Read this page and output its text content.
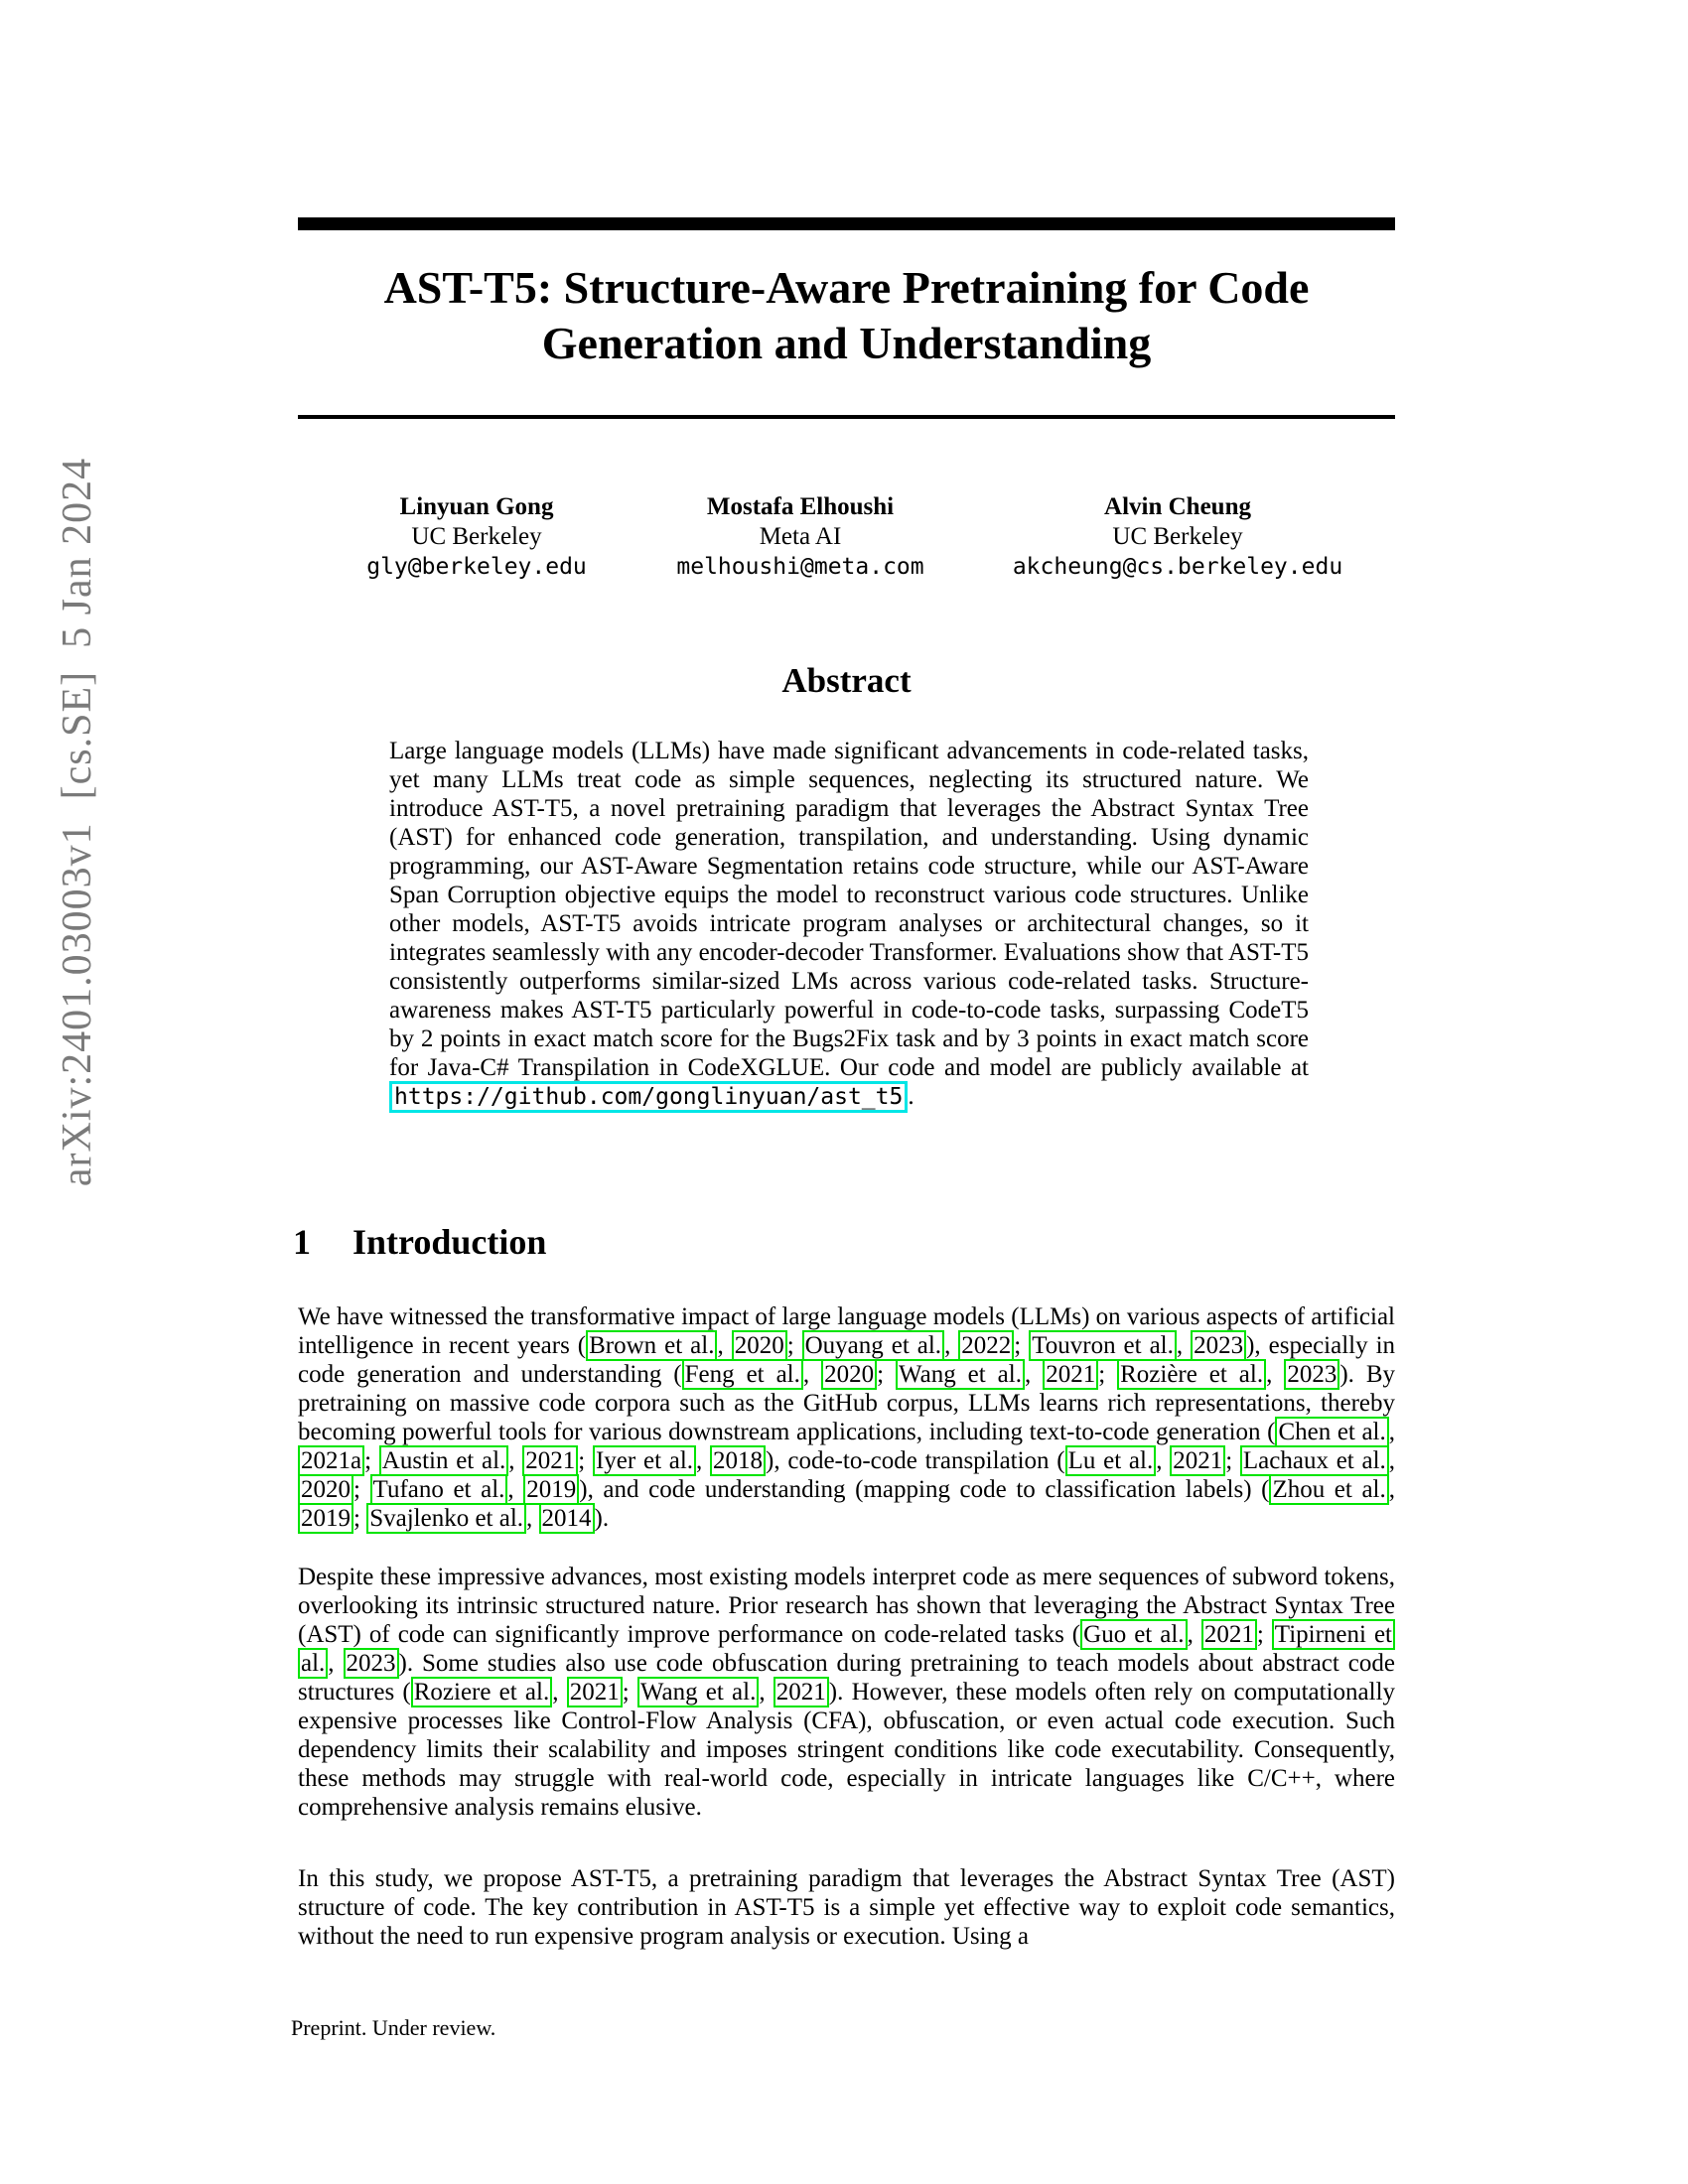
arXiv:2401.03003v1  [cs.SE]  5 Jan 2024
AST-T5: Structure-Aware Pretraining for Code
Generation and Understanding
Linyuan Gong
UC Berkeley
gly@berkeley.edu
Mostafa Elhoushi
Meta AI
melhoushi@meta.com
Alvin Cheung
UC Berkeley
akcheung@cs.berkeley.edu
Abstract
Large language models (LLMs) have made significant advancements in code-related tasks, yet many LLMs treat code as simple sequences, neglecting its structured nature. We introduce AST-T5, a novel pretraining paradigm that leverages the Abstract Syntax Tree (AST) for enhanced code generation, transpilation, and understanding. Using dynamic programming, our AST-Aware Segmentation retains code structure, while our AST-Aware Span Corruption objective equips the model to reconstruct various code structures. Unlike other models, AST-T5 avoids intricate program analyses or architectural changes, so it integrates seamlessly with any encoder-decoder Transformer. Evaluations show that AST-T5 consistently outperforms similar-sized LMs across various code-related tasks. Structure-awareness makes AST-T5 particularly powerful in code-to-code tasks, surpassing CodeT5 by 2 points in exact match score for the Bugs2Fix task and by 3 points in exact match score for Java-C# Transpilation in CodeXGLUE. Our code and model are publicly available at https://github.com/gonglinyuan/ast_t5 .
1 Introduction
We have witnessed the transformative impact of large language models (LLMs) on various aspects of artificial intelligence in recent years ( Brown et al. , 2020 ; Ouyang et al. , 2022 ; Touvron et al. , 2023 ), especially in code generation and understanding ( Feng et al. , 2020 ; Wang et al. , 2021 ; Rozière et al. , 2023 ). By pretraining on massive code corpora such as the GitHub corpus, LLMs learns rich representations, thereby becoming powerful tools for various downstream applications, including text-to-code generation ( Chen et al. , 2021a ; Austin et al. , 2021 ; Iyer et al. , 2018 ), code-to-code transpilation ( Lu et al. , 2021 ; Lachaux et al. , 2020 ; Tufano et al. , 2019 ), and code understanding (mapping code to classification labels) ( Zhou et al. , 2019 ; Svajlenko et al. , 2014 ).
Despite these impressive advances, most existing models interpret code as mere sequences of subword tokens, overlooking its intrinsic structured nature. Prior research has shown that leveraging the Abstract Syntax Tree (AST) of code can significantly improve performance on code-related tasks ( Guo et al. , 2021 ; Tipirneni et al. , 2023 ). Some studies also use code obfuscation during pretraining to teach models about abstract code structures ( Roziere et al. , 2021 ; Wang et al. , 2021 ). However, these models often rely on computationally expensive processes like Control-Flow Analysis (CFA), obfuscation, or even actual code execution. Such dependency limits their scalability and imposes stringent conditions like code executability. Consequently, these methods may struggle with real-world code, especially in intricate languages like C/C++, where comprehensive analysis remains elusive.
In this study, we propose AST-T5, a pretraining paradigm that leverages the Abstract Syntax Tree (AST) structure of code. The key contribution in AST-T5 is a simple yet effective way to exploit code semantics, without the need to run expensive program analysis or execution. Using a
Preprint. Under review.
